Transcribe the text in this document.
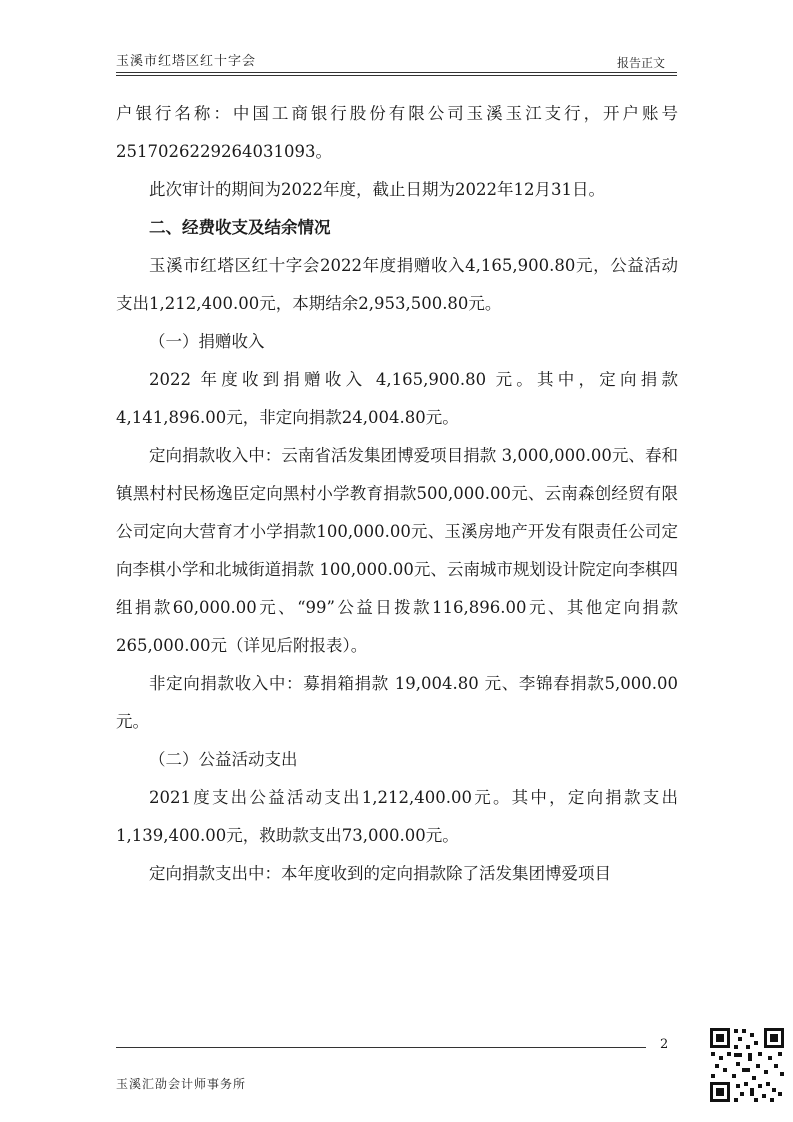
玉溪市红塔区红十字会	报告正文

户银行名称：中国工商银行股份有限公司玉溪玉江支行，开户账号2517026229264031093。

此次审计的期间为2022年度，截止日期为2022年12月31日。

二、经费收支及结余情况

玉溪市红塔区红十字会2022年度捐赠收入4,165,900.80元，公益活动支出1,212,400.00元，本期结余2,953,500.80元。

（一）捐赠收入

2022 年度收到捐赠收入 4,165,900.80 元。其中，定向捐款4,141,896.00元，非定向捐款24,004.80元。

定向捐款收入中：云南省活发集团博爱项目捐款 3,000,000.00元、春和镇黑村村民杨逸臣定向黑村小学教育捐款500,000.00元、云南森创经贸有限公司定向大营育才小学捐款100,000.00元、玉溪房地产开发有限责任公司定向李棋小学和北城街道捐款 100,000.00元、云南城市规划设计院定向李棋四组捐款60,000.00元、“99”公益日拨款116,896.00元、其他定向捐款265,000.00元（详见后附报表）。

非定向捐款收入中：募捐箱捐款 19,004.80 元、李锦春捐款5,000.00元。

（二）公益活动支出

2021度支出公益活动支出1,212,400.00元。其中，定向捐款支出1,139,400.00元，救助款支出73,000.00元。

定向捐款支出中：本年度收到的定向捐款除了活发集团博爱项目

2
玉溪汇劭会计师事务所
